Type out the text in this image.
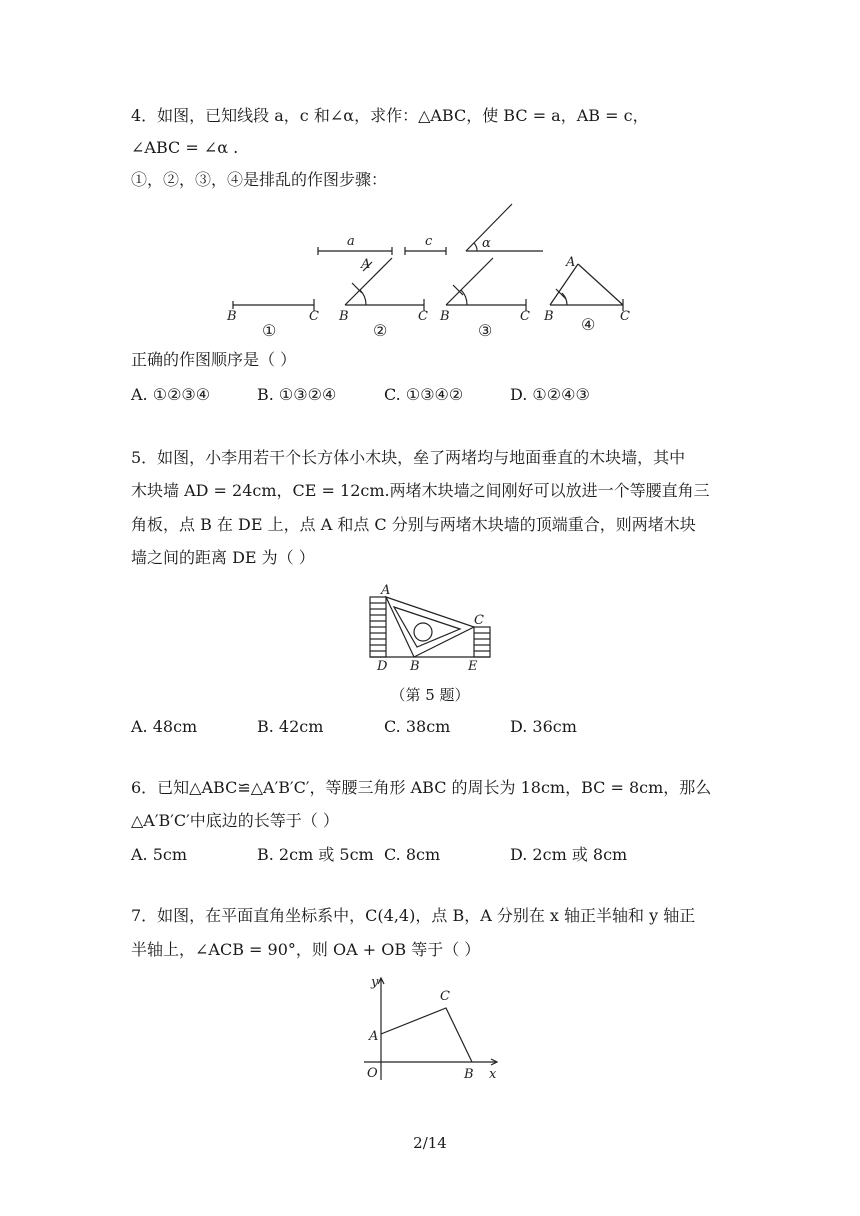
4．如图，已知线段 a，c 和∠α，求作：△ABC，使 BC = a，AB = c，
∠ABC = ∠α .
①，②，③，④是排乱的作图步骤：
a	c	α
B	C
①
A
B	C
②
B	C
③
A
B	C
④
正确的作图顺序是（ ）
A. ①②③④	B. ①③②④	C. ①③④②	D. ①②④③
5．如图，小李用若干个长方体小木块，垒了两堵均与地面垂直的木块墙，其中
木块墙 AD = 24cm，CE = 12cm.两堵木块墙之间刚好可以放进一个等腰直角三
角板，点 B 在 DE 上，点 A 和点 C 分别与两堵木块墙的顶端重合，则两堵木块
墙之间的距离 DE 为（ ）
A
C
D B	E
（第 5 题）
A. 48cm	B. 42cm	C. 38cm	D. 36cm
6．已知△ABC≌△A′B′C′，等腰三角形 ABC 的周长为 18cm，BC = 8cm，那么
△A′B′C′中底边的长等于（ ）
A. 5cm	B. 2cm 或 5cm C. 8cm	D. 2cm 或 8cm
7．如图，在平面直角坐标系中，C(4,4)，点 B，A 分别在 x 轴正半轴和 y 轴正
半轴上，∠ACB = 90°，则 OA + OB 等于（ ）
y
x
O
A
C
B
2/14
